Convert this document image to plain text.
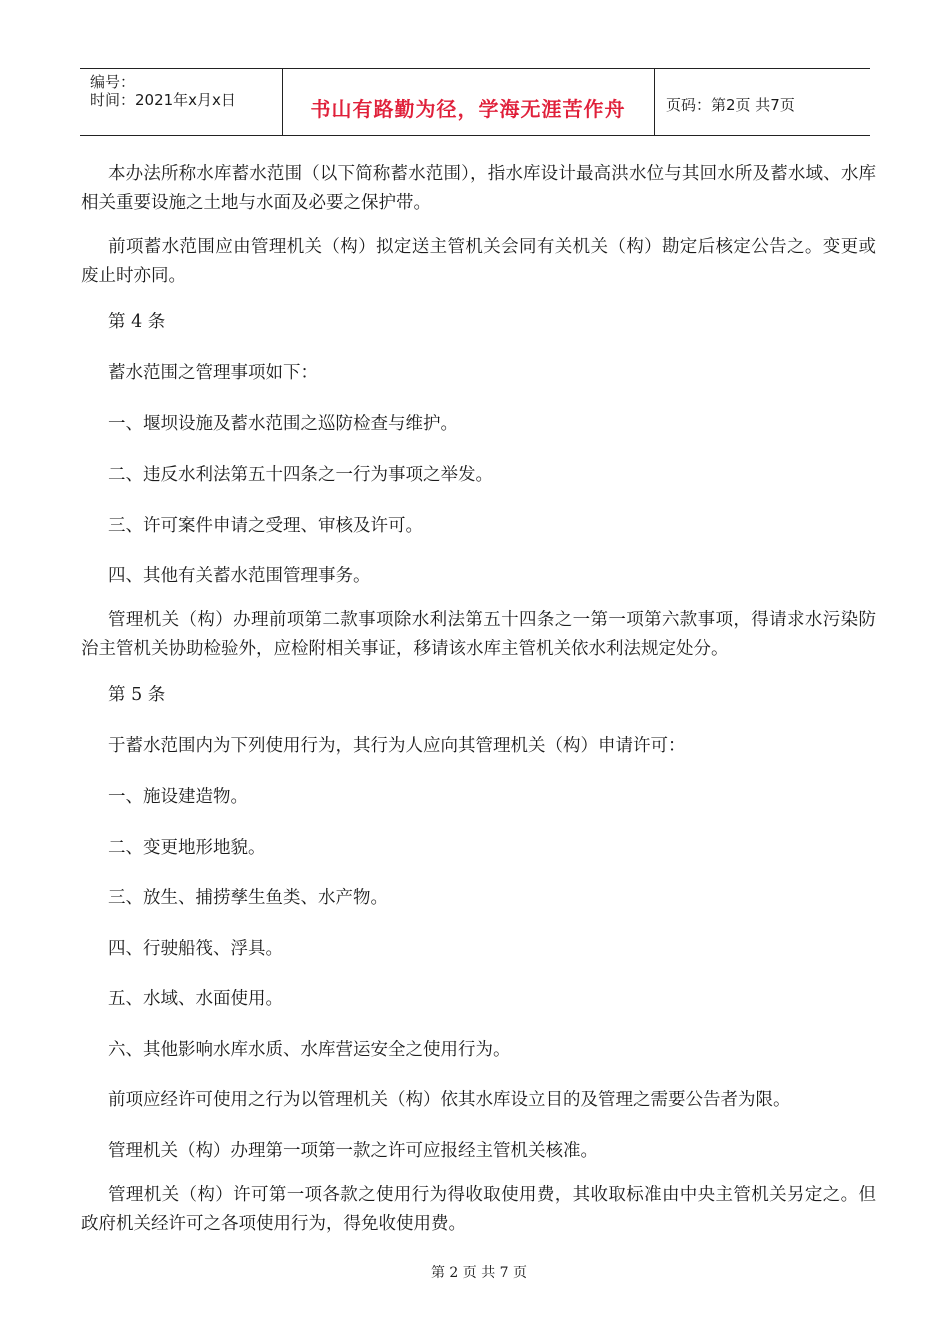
编号：
时间：2021年x月x日	书山有路勤为径，学海无涯苦作舟	页码：第2页 共7页

本办法所称水库蓄水范围（以下简称蓄水范围），指水库设计最高洪水位与其回水所及蓄水域、水库相关重要设施之土地与水面及必要之保护带。

前项蓄水范围应由管理机关（构）拟定送主管机关会同有关机关（构）勘定后核定公告之。变更或废止时亦同。

第 4 条

蓄水范围之管理事项如下：

一、堰坝设施及蓄水范围之巡防检查与维护。

二、违反水利法第五十四条之一行为事项之举发。

三、许可案件申请之受理、审核及许可。

四、其他有关蓄水范围管理事务。

管理机关（构）办理前项第二款事项除水利法第五十四条之一第一项第六款事项，得请求水污染防治主管机关协助检验外，应检附相关事证，移请该水库主管机关依水利法规定处分。

第 5 条

于蓄水范围内为下列使用行为，其行为人应向其管理机关（构）申请许可：

一、施设建造物。

二、变更地形地貌。

三、放生、捕捞孳生鱼类、水产物。

四、行驶船筏、浮具。

五、水域、水面使用。

六、其他影响水库水质、水库营运安全之使用行为。

前项应经许可使用之行为以管理机关（构）依其水库设立目的及管理之需要公告者为限。

管理机关（构）办理第一项第一款之许可应报经主管机关核准。

管理机关（构）许可第一项各款之使用行为得收取使用费，其收取标准由中央主管机关另定之。但政府机关经许可之各项使用行为，得免收使用费。

第 2 页 共 7 页
